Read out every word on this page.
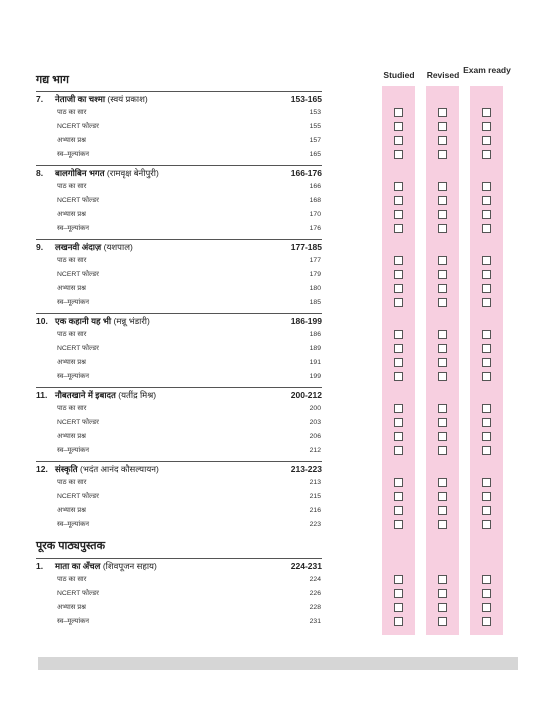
Studied	Revised Exam ready
गद्य भाग
7. नेताजी का चश्मा (स्वयं प्रकाश)	153-165
पाठ का सार	153
NCERT फोल्डर	155
अभ्यास प्रश्न	157
स्व–मूल्यांकन	165
8. बालगोबिन भगत (रामवृक्ष बेनीपुरी)	166-176
पाठ का सार	166
NCERT फोल्डर	168
अभ्यास प्रश्न	170
स्व–मूल्यांकन	176
9. लखनवी अंदाज़ (यशपाल)	177-185
पाठ का सार	177
NCERT फोल्डर	179
अभ्यास प्रश्न	180
स्व–मूल्यांकन	185
10. एक कहानी यह भी (मन्नू भंडारी)	186-199
पाठ का सार	186
NCERT फोल्डर	189
अभ्यास प्रश्न	191
स्व–मूल्यांकन	199
11. नौबतखाने में इबादत (यतींद्र मिश्र)	200-212
पाठ का सार	200
NCERT फोल्डर	203
अभ्यास प्रश्न	206
स्व–मूल्यांकन	212
12. संस्कृति (भदंत आनंद कौसल्यायन)	213-223
पाठ का सार	213
NCERT फोल्डर	215
अभ्यास प्रश्न	216
स्व–मूल्यांकन	223
पूरक पाठ्यपुस्तक
1. माता का अँचल (शिवपूजन सहाय)	224-231
पाठ का सार	224
NCERT फोल्डर	226
अभ्यास प्रश्न	228
स्व–मूल्यांकन	231
